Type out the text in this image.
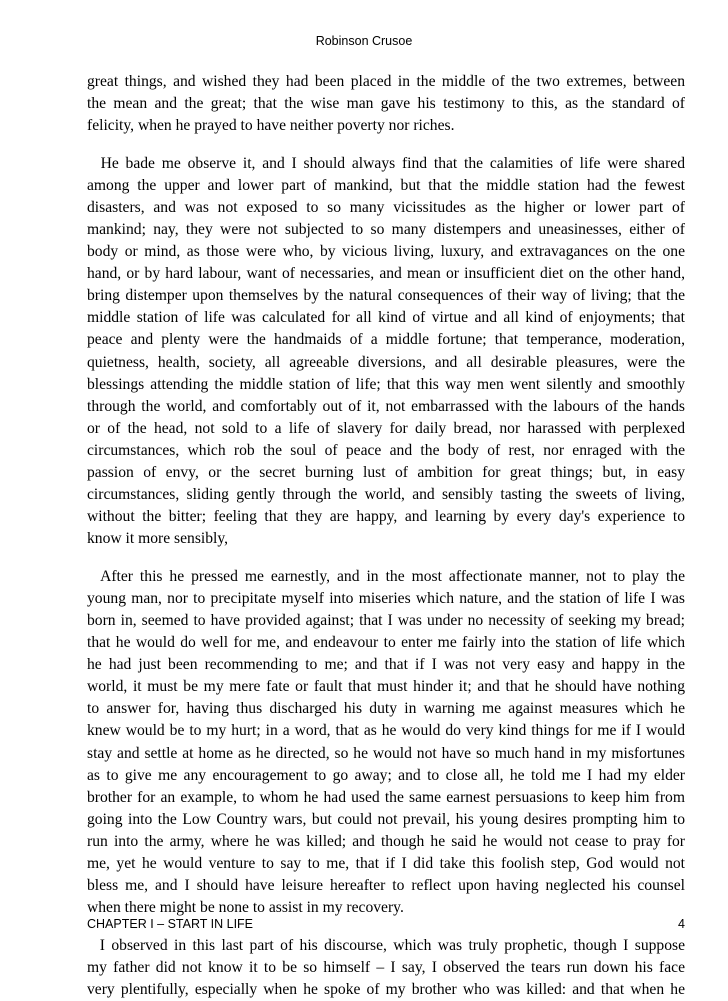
Robinson Crusoe

great things, and wished they had been placed in the middle of the two extremes, between
the mean and the great; that the wise man gave his testimony to this, as the standard of
felicity, when he prayed to have neither poverty nor riches.

He bade me observe it, and I should always find that the calamities of life were shared
among the upper and lower part of mankind, but that the middle station had the fewest
disasters, and was not exposed to so many vicissitudes as the higher or lower part of
mankind; nay, they were not subjected to so many distempers and uneasinesses, either of
body or mind, as those were who, by vicious living, luxury, and extravagances on the one
hand, or by hard labour, want of necessaries, and mean or insufficient diet on the other hand,
bring distemper upon themselves by the natural consequences of their way of living; that the
middle station of life was calculated for all kind of virtue and all kind of enjoyments; that
peace and plenty were the handmaids of a middle fortune; that temperance, moderation,
quietness, health, society, all agreeable diversions, and all desirable pleasures, were the
blessings attending the middle station of life; that this way men went silently and smoothly
through the world, and comfortably out of it, not embarrassed with the labours of the hands
or of the head, not sold to a life of slavery for daily bread, nor harassed with perplexed
circumstances, which rob the soul of peace and the body of rest, nor enraged with the
passion of envy, or the secret burning lust of ambition for great things; but, in easy
circumstances, sliding gently through the world, and sensibly tasting the sweets of living,
without the bitter; feeling that they are happy, and learning by every day's experience to
know it more sensibly,

After this he pressed me earnestly, and in the most affectionate manner, not to play the
young man, nor to precipitate myself into miseries which nature, and the station of life I was
born in, seemed to have provided against; that I was under no necessity of seeking my bread;
that he would do well for me, and endeavour to enter me fairly into the station of life which
he had just been recommending to me; and that if I was not very easy and happy in the
world, it must be my mere fate or fault that must hinder it; and that he should have nothing
to answer for, having thus discharged his duty in warning me against measures which he
knew would be to my hurt; in a word, that as he would do very kind things for me if I would
stay and settle at home as he directed, so he would not have so much hand in my misfortunes
as to give me any encouragement to go away; and to close all, he told me I had my elder
brother for an example, to whom he had used the same earnest persuasions to keep him from
going into the Low Country wars, but could not prevail, his young desires prompting him to
run into the army, where he was killed; and though he said he would not cease to pray for
me, yet he would venture to say to me, that if I did take this foolish step, God would not
bless me, and I should have leisure hereafter to reflect upon having neglected his counsel
when there might be none to assist in my recovery.

I observed in this last part of his discourse, which was truly prophetic, though I suppose
my father did not know it to be so himself – I say, I observed the tears run down his face
very plentifully, especially when he spoke of my brother who was killed: and that when he

CHAPTER I – START IN LIFE	4
